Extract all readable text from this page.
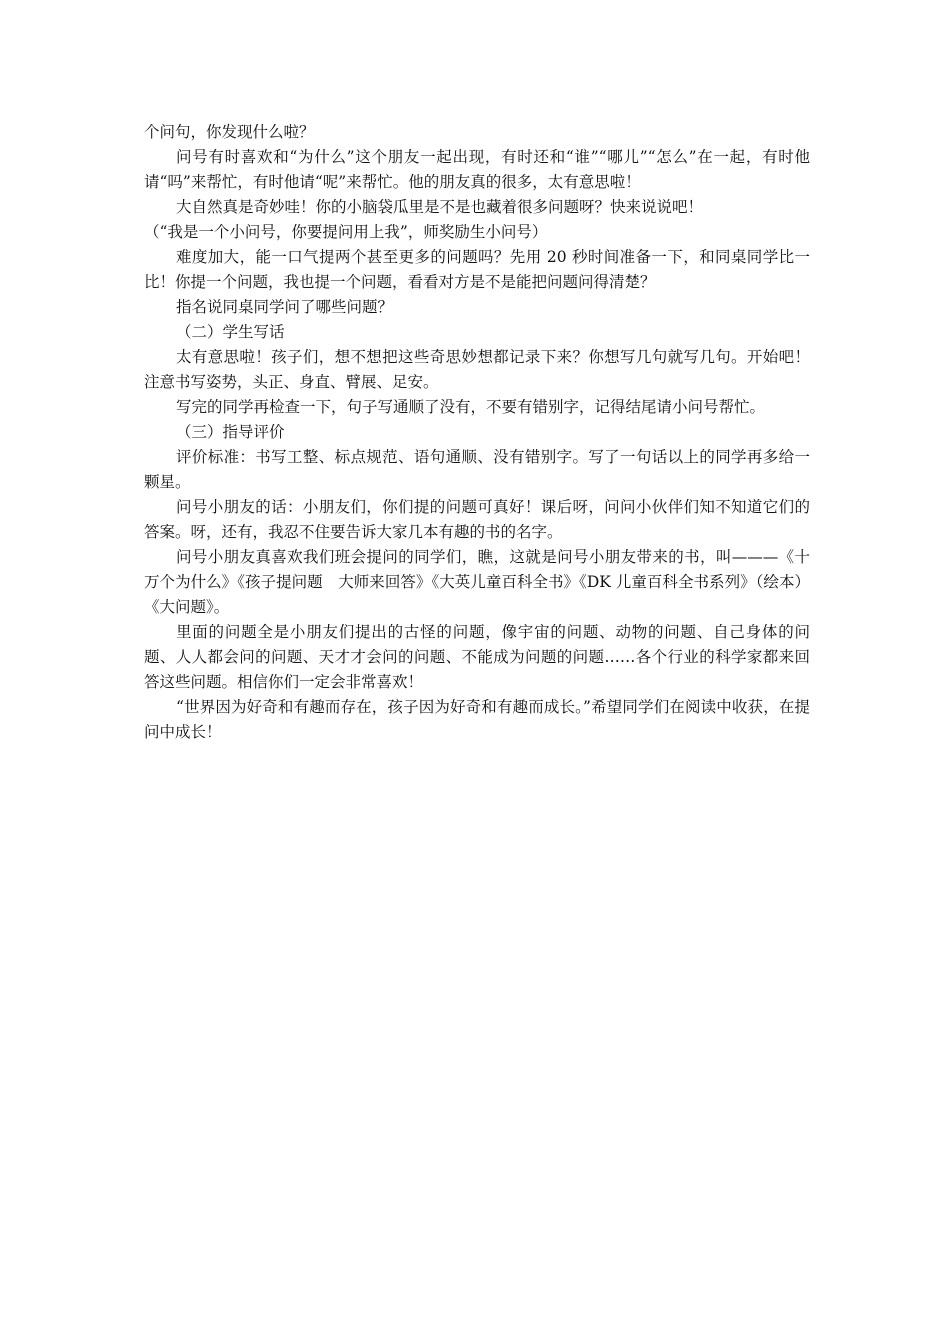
个问句，你发现什么啦？

问号有时喜欢和“为什么”这个朋友一起出现，有时还和“谁”“哪儿”“怎么”在一起，有时他请“吗”来帮忙，有时他请“呢”来帮忙。他的朋友真的很多，太有意思啦！

大自然真是奇妙哇！你的小脑袋瓜里是不是也藏着很多问题呀？快来说说吧！

（“我是一个小问号，你要提问用上我”，师奖励生小问号）

难度加大，能一口气提两个甚至更多的问题吗？先用 20 秒时间准备一下，和同桌同学比一比！你提一个问题，我也提一个问题，看看对方是不是能把问题问得清楚？

指名说同桌同学问了哪些问题？

（二）学生写话

太有意思啦！孩子们，想不想把这些奇思妙想都记录下来？你想写几句就写几句。开始吧！注意书写姿势，头正、身直、臂展、足安。

写完的同学再检查一下，句子写通顺了没有，不要有错别字，记得结尾请小问号帮忙。

（三）指导评价

评价标准：书写工整、标点规范、语句通顺、没有错别字。写了一句话以上的同学再多给一颗星。

问号小朋友的话：小朋友们，你们提的问题可真好！课后呀，问问小伙伴们知不知道它们的答案。呀，还有，我忍不住要告诉大家几本有趣的书的名字。

问号小朋友真喜欢我们班会提问的同学们，瞧，这就是问号小朋友带来的书，叫———《十万个为什么》《孩子提问题　大师来回答》《大英儿童百科全书》《DK 儿童百科全书系列》（绘本）《大问题》。

里面的问题全是小朋友们提出的古怪的问题，像宇宙的问题、动物的问题、自己身体的问题、人人都会问的问题、天才才会问的问题、不能成为问题的问题……各个行业的科学家都来回答这些问题。相信你们一定会非常喜欢！

“世界因为好奇和有趣而存在，孩子因为好奇和有趣而成长。”希望同学们在阅读中收获，在提问中成长！
